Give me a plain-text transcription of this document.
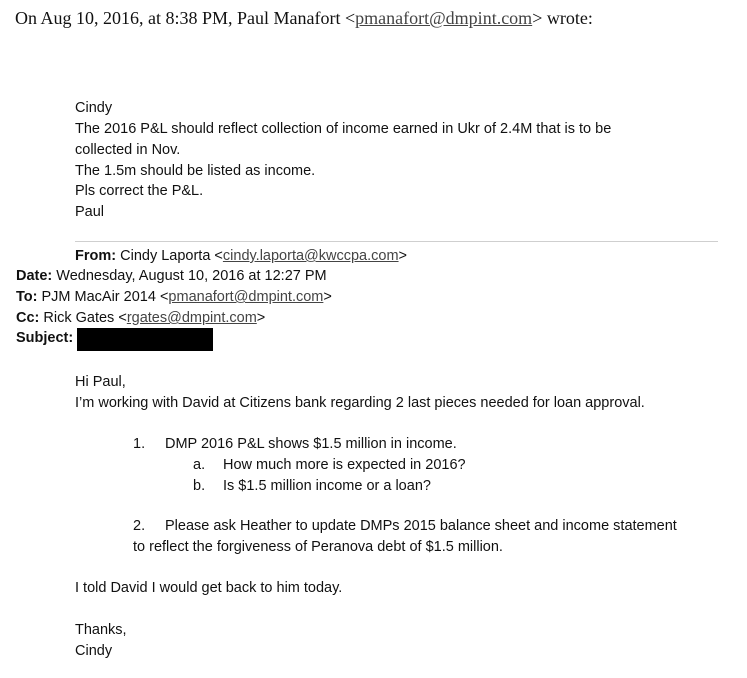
On Aug 10, 2016, at 8:38 PM, Paul Manafort <pmanafort@dmpint.com> wrote:
Cindy
The 2016 P&L should reflect collection of income earned in Ukr of 2.4M that is to be
collected in Nov.
The 1.5m should be listed as income.
Pls correct the P&L.
Paul
From: Cindy Laporta <cindy.laporta@kwccpa.com>
Date: Wednesday, August 10, 2016 at 12:27 PM
To: PJM MacAir 2014 <pmanafort@dmpint.com>
Cc: Rick Gates <rgates@dmpint.com>
Subject:
Hi Paul,
I’m working with David at Citizens bank regarding 2 last pieces needed for loan approval.
1. DMP 2016 P&L shows $1.5 million in income.
a. How much more is expected in 2016?
b. Is $1.5 million income or a loan?
2. Please ask Heather to update DMPs 2015 balance sheet and income statement
to reflect the forgiveness of Peranova debt of $1.5 million.
I told David I would get back to him today.
Thanks,
Cindy
